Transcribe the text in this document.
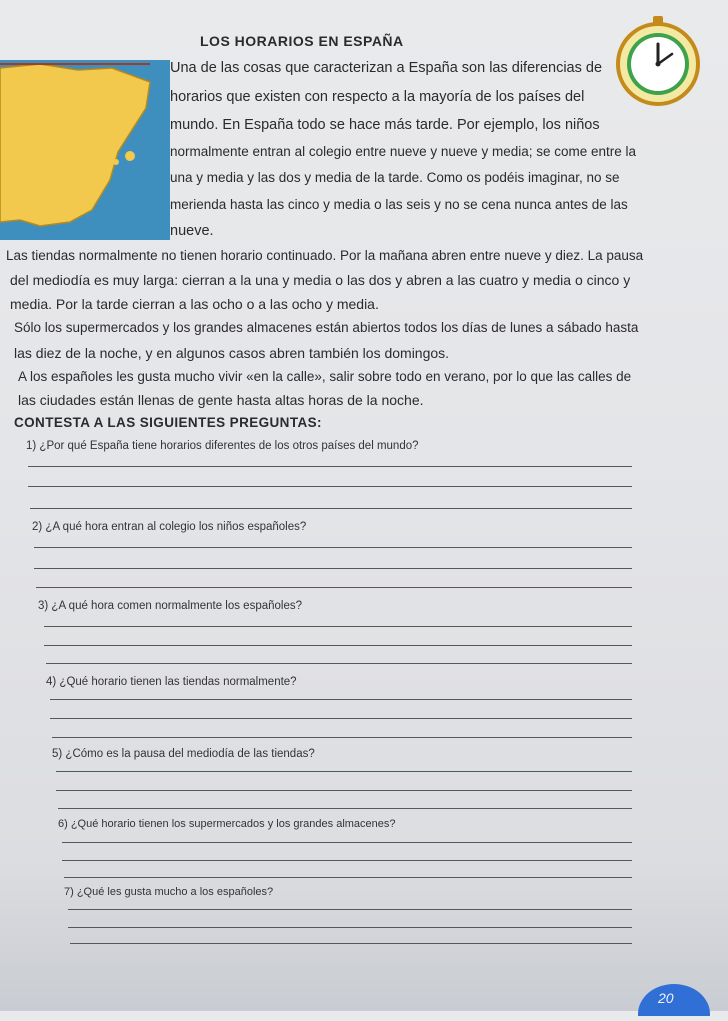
LOS HORARIOS EN ESPAÑA
Una de las cosas que caracterizan a España son las diferencias de
horarios que existen con respecto a la mayoría de los países del
mundo. En España todo se hace más tarde. Por ejemplo, los niños
normalmente entran al colegio entre nueve y nueve y media; se come entre la
una y media y las dos y media de la tarde. Como os podéis imaginar, no se
merienda hasta las cinco y media o las seis y no se cena nunca antes de las
nueve.
Las tiendas normalmente no tienen horario continuado. Por la mañana abren entre nueve y diez. La pausa
del mediodía es muy larga: cierran a la una y media o las dos y abren a las cuatro y media o cinco y
media. Por la tarde cierran a las ocho o a las ocho y media.
Sólo los supermercados y los grandes almacenes están abiertos todos los días de lunes a sábado hasta
las diez de la noche, y en algunos casos abren también los domingos.
A los españoles les gusta mucho vivir «en la calle», salir sobre todo en verano, por lo que las calles de
las ciudades están llenas de gente hasta altas horas de la noche.
CONTESTA A LAS SIGUIENTES PREGUNTAS:
1) ¿Por qué España tiene horarios diferentes de los otros países del mundo?
2) ¿A qué hora entran al colegio los niños españoles?
3) ¿A qué hora comen normalmente los españoles?
4) ¿Qué horario tienen las tiendas normalmente?
5) ¿Cómo es la pausa del mediodía de las tiendas?
6) ¿Qué horario tienen los supermercados y los grandes almacenes?
7) ¿Qué les gusta mucho a los españoles?
20
